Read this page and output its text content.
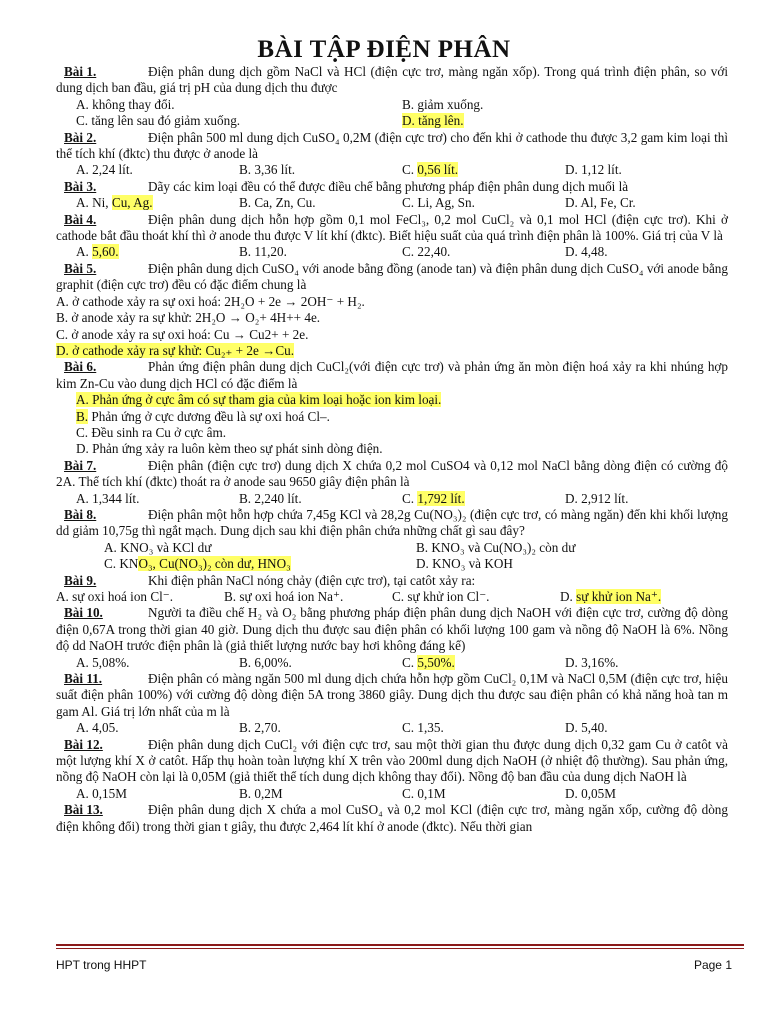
BÀI TẬP ĐIỆN PHÂN

Bài 1.	Điện phân dung dịch gồm NaCl và HCl (điện cực trơ, màng ngăn xốp). Trong quá trình điện phân, so với dung dịch ban đầu, giá trị pH của dung dịch thu được

A. không thay đổi.	B. giảm xuống.
C. tăng lên sau đó giảm xuống.	D. tăng lên.

Bài 2.	Điện phân 500 ml dung dịch CuSO₄ 0,2M (điện cực trơ) cho đến khi ở cathode thu được 3,2 gam kim loại thì thể tích khí (đktc) thu được ở anode là

A. 2,24 lít.	B. 3,36 lít.	C. 0,56 lít.	D. 1,12 lít.

Bài 3.	Dãy các kim loại đều có thể được điều chế bằng phương pháp điện phân dung dịch muối là

A. Ni, Cu, Ag.	B. Ca, Zn, Cu.	C. Li, Ag, Sn.	D. Al, Fe, Cr.

Bài 4.	Điện phân dung dịch hỗn hợp gồm 0,1 mol FeCl₃, 0,2 mol CuCl₂ và 0,1 mol HCl (điện cực trơ). Khi ở cathode bắt đầu thoát khí thì ở anode thu được V lít khí (đktc). Biết hiệu suất của quá trình điện phân là 100%. Giá trị của V là

A. 5,60.	B. 11,20.	C. 22,40.	D. 4,48.

Bài 5.	Điện phân dung dịch CuSO₄ với anode bằng đồng (anode tan) và điện phân dung dịch CuSO₄ với anode bằng graphit (điện cực trơ) đều có đặc điểm chung là

A. ở cathode xảy ra sự oxi hoá: 2H₂O + 2e → 2OH⁻ + H₂.
B. ở anode xảy ra sự khử: 2H₂O → O₂+ 4H++ 4e.
C. ở anode xảy ra sự oxi hoá: Cu → Cu2+ + 2e.
D. ở cathode xảy ra sự khử: Cu₂₊ + 2e →Cu.

Bài 6.	Phản ứng điện phân dung dịch CuCl₂(với điện cực trơ) và phản ứng ăn mòn điện hoá xảy ra khi nhúng hợp kim Zn-Cu vào dung dịch HCl có đặc điểm là

A. Phản ứng ở cực âm có sự tham gia của kim loại hoặc ion kim loại.
B. Phản ứng ở cực dương đều là sự oxi hoá Cl–.
C. Đều sinh ra Cu ở cực âm.
D. Phản ứng xảy ra luôn kèm theo sự phát sinh dòng điện.

Bài 7.	Điện phân (điện cực trơ) dung dịch X chứa 0,2 mol CuSO4 và 0,12 mol NaCl bằng dòng điện có cường độ 2A. Thể tích khí (đktc) thoát ra ở anode sau 9650 giây điện phân là

A. 1,344 lít.	B. 2,240 lít.	C. 1,792 lít.	D. 2,912 lít.

Bài 8.	Điện phân một hỗn hợp chứa 7,45g KCl và 28,2g Cu(NO₃)₂ (điện cực trơ, có màng ngăn) đến khi khối lượng dd giảm 10,75g thì ngắt mạch. Dung dịch sau khi điện phân chứa những chất gì sau đây?

A. KNO₃ và KCl dư	B. KNO₃ và Cu(NO₃)₂ còn dư
C. KNO₃, Cu(NO₃)₂ còn dư, HNO₃	D. KNO₃ và KOH

Bài 9.	Khi điện phân NaCl nóng chảy (điện cực trơ), tại catôt xảy ra:

A. sự oxi hoá ion Cl⁻.	B. sự oxi hoá ion Na⁺.	C. sự khử ion Cl⁻.	D. sự khử ion Na⁺.

Bài 10.	Người ta điều chế H₂ và O₂ bằng phương pháp điện phân dung dịch NaOH với điện cực trơ, cường độ dòng điện 0,67A trong thời gian 40 giờ. Dung dịch thu được sau điện phân có khối lượng 100 gam và nồng độ NaOH là 6%. Nồng độ dd NaOH trước điện phân là (giả thiết lượng nước bay hơi không đáng kể)

A. 5,08%.	B. 6,00%.	C. 5,50%.	D. 3,16%.

Bài 11.	Điện phân có màng ngăn 500 ml dung dịch chứa hỗn hợp gồm CuCl₂ 0,1M và NaCl 0,5M (điện cực trơ, hiệu suất điện phân 100%) với cường độ dòng điện 5A trong 3860 giây. Dung dịch thu được sau điện phân có khả năng hoà tan m gam Al. Giá trị lớn nhất của m là

A. 4,05.	B. 2,70.	C. 1,35.	D. 5,40.

Bài 12.	Điện phân dung dịch CuCl₂ với điện cực trơ, sau một thời gian thu được dung dịch 0,32 gam Cu ở catôt và một lượng khí X ở catôt. Hấp thụ hoàn toàn lượng khí X trên vào 200ml dung dịch NaOH (ở nhiệt độ thường). Sau phản ứng, nồng độ NaOH còn lại là 0,05M (giả thiết thể tích dung dịch không thay đổi). Nồng độ ban đầu của dung dịch NaOH là

A. 0,15M	B. 0,2M	C. 0,1M	D. 0,05M

Bài 13.	Điện phân dung dịch X chứa a mol CuSO₄ và 0,2 mol KCl (điện cực trơ, màng ngăn xốp, cường độ dòng điện không đổi) trong thời gian t giây, thu được 2,464 lít khí ở anode (đktc). Nếu thời gian

HPT trong HHPT	Page 1
